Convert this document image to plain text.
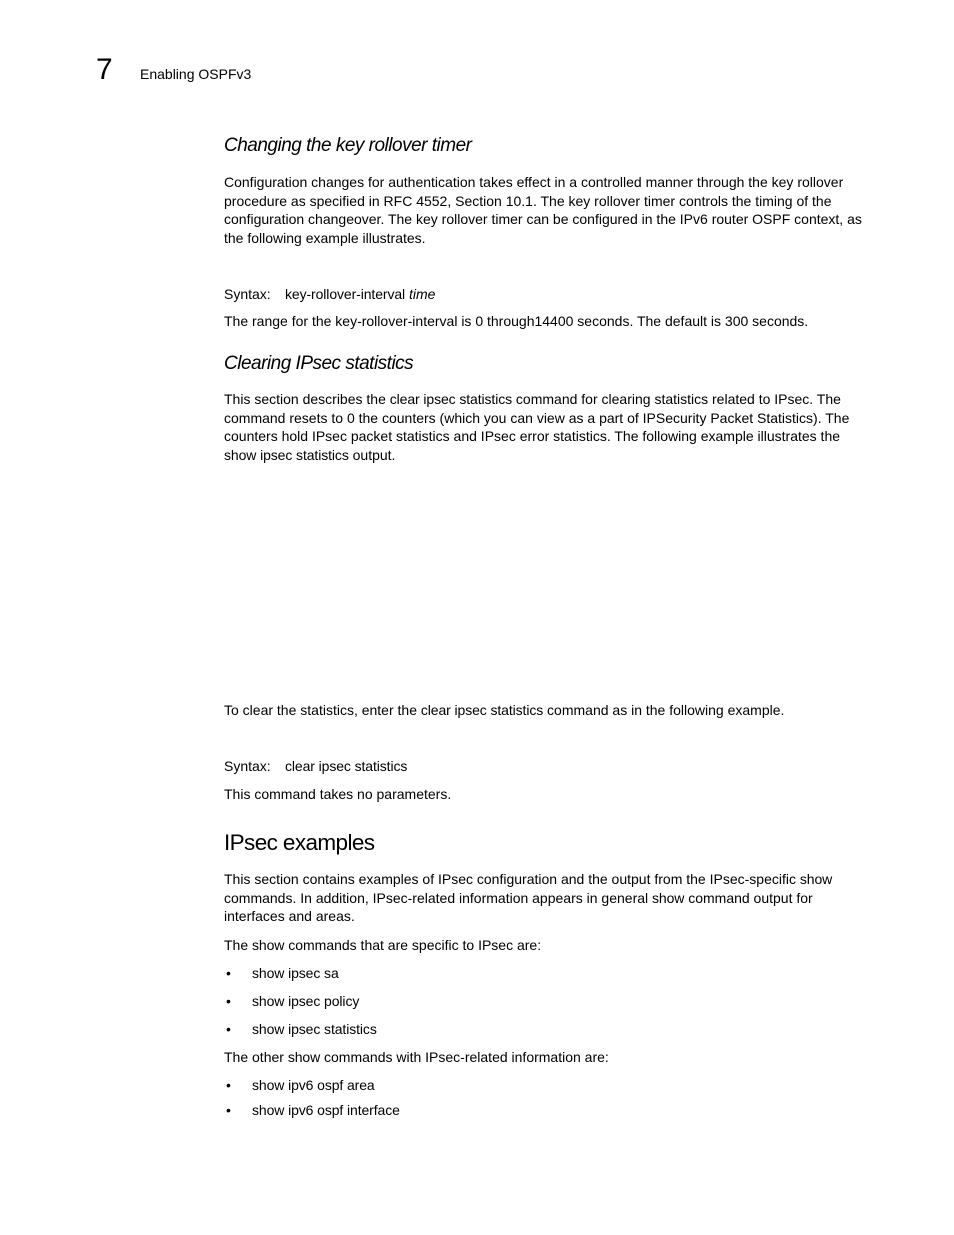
7 Enabling OSPFv3
Changing the key rollover timer

Configuration changes for authentication takes effect in a controlled manner through the key rollover procedure as specified in RFC 4552, Section 10.1. The key rollover timer controls the timing of the configuration changeover. The key rollover timer can be configured in the IPv6 router OSPF context, as the following example illustrates.

Syntax: key-rollover-interval time
The range for the key-rollover-interval is 0 through14400 seconds. The default is 300 seconds.
Clearing IPsec statistics

This section describes the clear ipsec statistics command for clearing statistics related to IPsec. The command resets to 0 the counters (which you can view as a part of IPSecurity Packet Statistics). The counters hold IPsec packet statistics and IPsec error statistics. The following example illustrates the show ipsec statistics output.

To clear the statistics, enter the clear ipsec statistics command as in the following example.
Syntax: clear ipsec statistics
This command takes no parameters.
IPsec examples

This section contains examples of IPsec configuration and the output from the IPsec-specific show commands. In addition, IPsec-related information appears in general show command output for interfaces and areas.

The show commands that are specific to IPsec are:
• show ipsec sa
• show ipsec policy
• show ipsec statistics
The other show commands with IPsec-related information are:
• show ipv6 ospf area
• show ipv6 ospf interface
